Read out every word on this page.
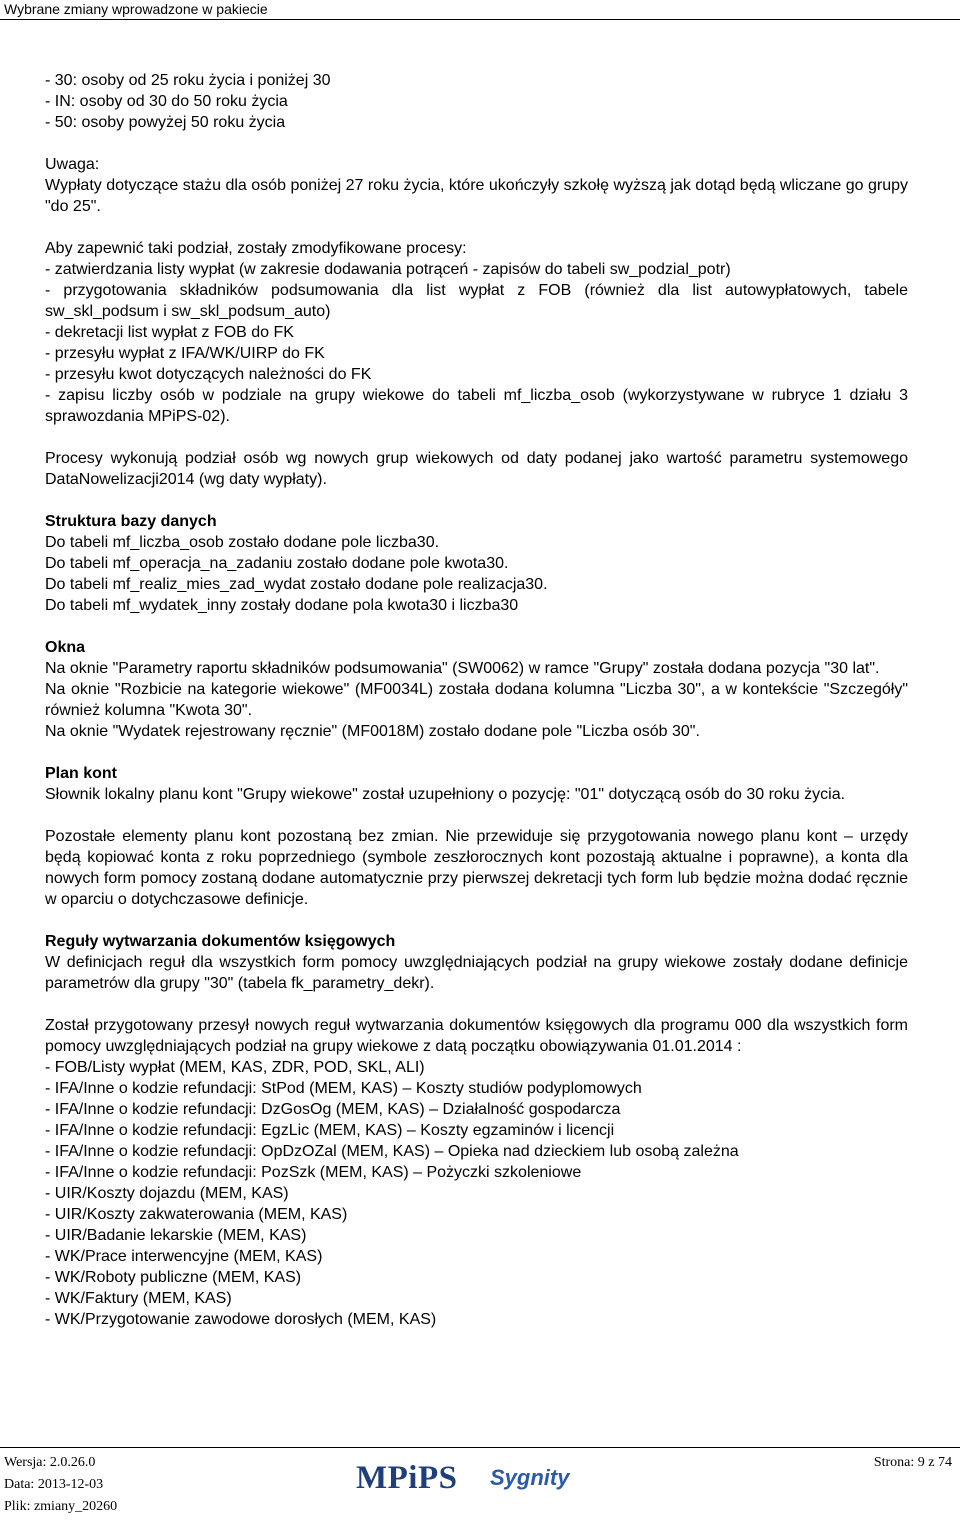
Wybrane zmiany wprowadzone w pakiecie
- 30: osoby od 25 roku życia i poniżej 30
- IN: osoby od 30 do 50 roku życia
- 50: osoby powyżej 50 roku życia
Uwaga:
Wypłaty dotyczące stażu dla osób poniżej 27 roku życia, które ukończyły szkołę wyższą jak dotąd będą wliczane go grupy "do 25".
Aby zapewnić taki podział, zostały zmodyfikowane procesy:
- zatwierdzania listy wypłat (w zakresie dodawania potrąceń - zapisów do tabeli sw_podzial_potr)
- przygotowania składników podsumowania dla list wypłat z FOB (również dla list autowypłatowych, tabele sw_skl_podsum i sw_skl_podsum_auto)
- dekretacji list wypłat z FOB do FK
- przesyłu wypłat z IFA/WK/UIRP do FK
- przesyłu kwot dotyczących należności do FK
- zapisu liczby osób w podziale na grupy wiekowe do tabeli mf_liczba_osob (wykorzystywane w rubryce 1 działu 3 sprawozdania MPiPS-02).
Procesy wykonują podział osób wg nowych grup wiekowych od daty podanej jako wartość parametru systemowego DataNowelizacji2014 (wg daty wypłaty).
Struktura bazy danych
Do tabeli mf_liczba_osob zostało dodane pole liczba30.
Do tabeli mf_operacja_na_zadaniu zostało dodane pole kwota30.
Do tabeli mf_realiz_mies_zad_wydat zostało dodane pole realizacja30.
Do tabeli mf_wydatek_inny zostały dodane pola kwota30 i liczba30
Okna
Na oknie "Parametry raportu składników podsumowania" (SW0062) w ramce "Grupy" została dodana pozycja "30 lat".
Na oknie "Rozbicie na kategorie wiekowe" (MF0034L) została dodana kolumna "Liczba 30", a w kontekście "Szczegóły" również kolumna "Kwota 30".
Na oknie "Wydatek rejestrowany ręcznie" (MF0018M) zostało dodane pole "Liczba osób 30".
Plan kont
Słownik lokalny planu kont "Grupy wiekowe" został uzupełniony o pozycję: "01" dotyczącą osób do 30 roku życia.
Pozostałe elementy planu kont pozostaną bez zmian. Nie przewiduje się przygotowania nowego planu kont – urzędy będą kopiować konta z roku poprzedniego (symbole zeszłorocznych kont pozostają aktualne i poprawne), a konta dla nowych form pomocy zostaną dodane automatycznie przy pierwszej dekretacji tych form lub będzie można dodać ręcznie w oparciu o dotychczasowe definicje.
Reguły wytwarzania dokumentów księgowych
W definicjach reguł dla wszystkich form pomocy uwzględniających podział na grupy wiekowe zostały dodane definicje parametrów dla grupy "30" (tabela fk_parametry_dekr).
Został przygotowany przesył nowych reguł wytwarzania dokumentów księgowych dla programu 000 dla wszystkich form pomocy uwzględniających podział na grupy wiekowe z datą początku obowiązywania 01.01.2014 :
- FOB/Listy wypłat (MEM, KAS, ZDR, POD, SKL, ALI)
- IFA/Inne o kodzie refundacji: StPod (MEM, KAS) – Koszty studiów podyplomowych
- IFA/Inne o kodzie refundacji: DzGosOg (MEM, KAS) – Działalność gospodarcza
- IFA/Inne o kodzie refundacji: EgzLic (MEM, KAS) – Koszty egzaminów i licencji
- IFA/Inne o kodzie refundacji: OpDzOZal (MEM, KAS) – Opieka nad dzieckiem lub osobą zależna
- IFA/Inne o kodzie refundacji: PozSzk (MEM, KAS) – Pożyczki szkoleniowe
- UIR/Koszty dojazdu (MEM, KAS)
- UIR/Koszty zakwaterowania (MEM, KAS)
- UIR/Badanie lekarskie (MEM, KAS)
- WK/Prace interwencyjne (MEM, KAS)
- WK/Roboty publiczne (MEM, KAS)
- WK/Faktury (MEM, KAS)
- WK/Przygotowanie zawodowe dorosłych (MEM, KAS)
Wersja: 2.0.26.0
Data: 2013-12-03
Plik: zmiany_20260
MPiPS Sygnity
Strona: 9 z 74
